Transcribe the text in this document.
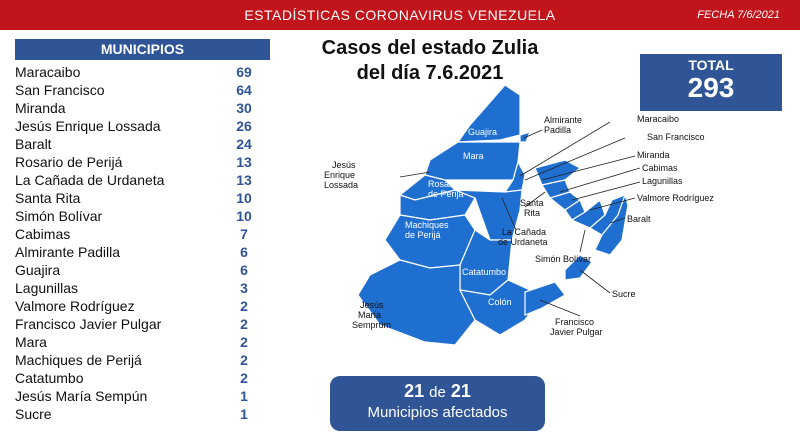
ESTADÍSTICAS CORONAVIRUS VENEZUELA	FECHA 7/6/2021
MUNICIPIOS
Maracaibo	69
San Francisco	64
Miranda	30
Jesús Enrique Lossada	26
Baralt	24
Rosario de Perijá	13
La Cañada de Urdaneta	13
Santa Rita	10
Simón Bolívar	10
Cabimas	7
Almirante Padilla	6
Guajira	6
Lagunillas	3
Valmore Rodríguez	2
Francisco Javier Pulgar	2
Mara	2
Machiques de Perijá	2
Catatumbo	2
Jesús María Sempún	1
Sucre	1
Casos del estado Zulia
del día 7.6.2021	TOTAL
293
Guajira
Mara
Rosario
de Perijá
Machiques
de Perijá
Catatumbo
Colón
Almirante
Padilla
Jesús
Enrique
Lossada
Santa
Rita
La Cañada
de Urdaneta
Simón Bolívar
Jesús
María
Semprúm
Maracaibo
San Francisco
Miranda
Cabimas
Lagunillas
Valmore Rodríguez
Baralt
Sucre
Francisco
Javier Pulgar
21 de 21
Municipios afectados
